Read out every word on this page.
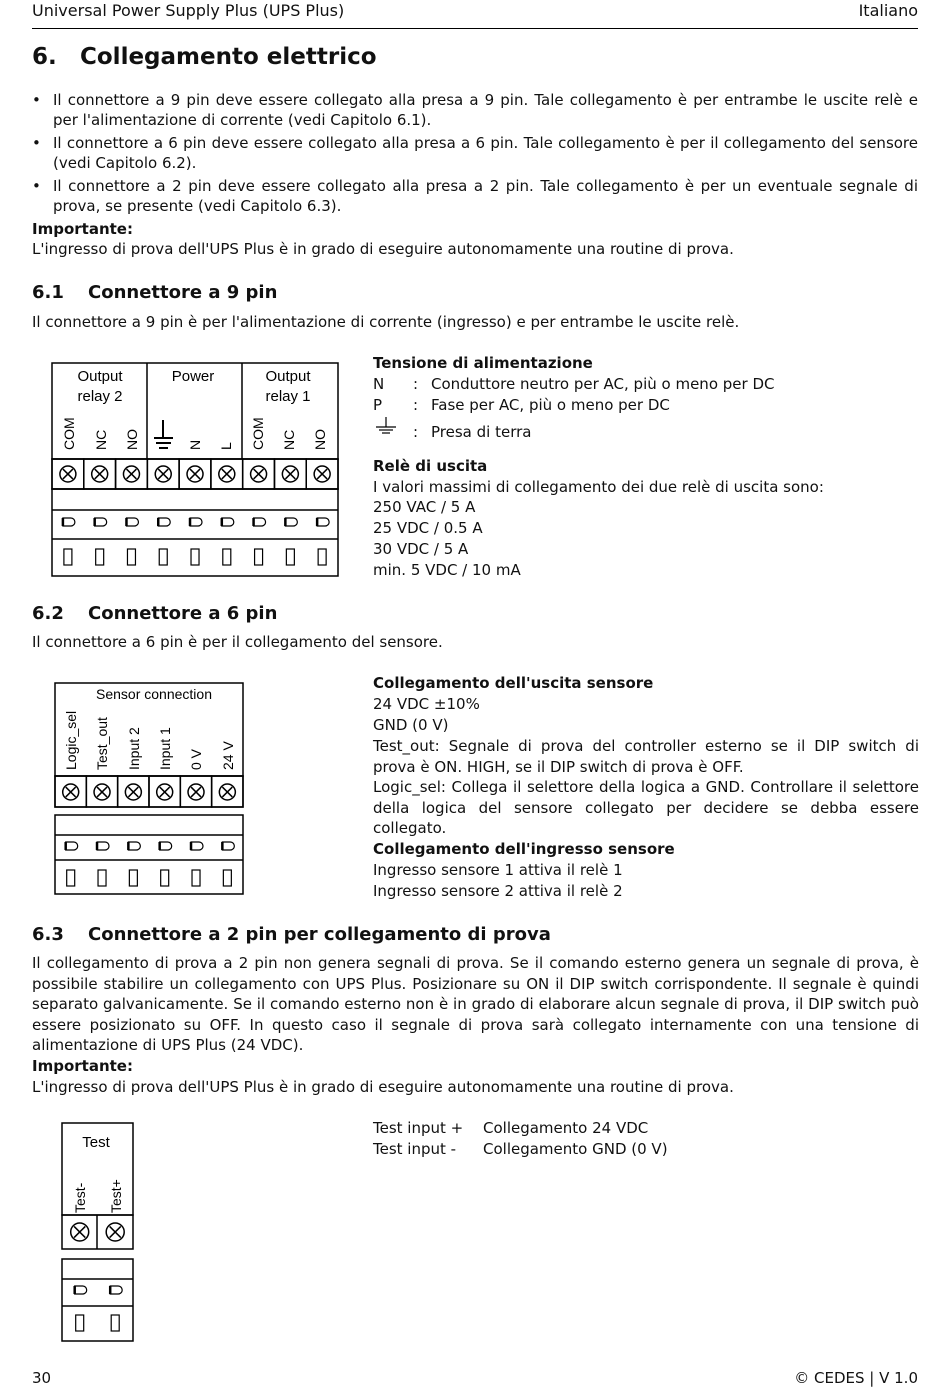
Universal Power Supply Plus (UPS Plus)	Italiano
6. Collegamento elettrico
• Il connettore a 9 pin deve essere collegato alla presa a 9 pin. Tale collegamento è per entrambe le uscite relè e per l'alimentazione di corrente (vedi Capitolo 6.1).
• Il connettore a 6 pin deve essere collegato alla presa a 6 pin. Tale collegamento è per il collegamento del sensore (vedi Capitolo 6.2).
• Il connettore a 2 pin deve essere collegato alla presa a 2 pin. Tale collegamento è per un eventuale segnale di prova, se presente (vedi Capitolo 6.3).
Importante:
L'ingresso di prova dell'UPS Plus è in grado di eseguire autonomamente una routine di prova.
6.1 Connettore a 9 pin
Il connettore a 9 pin è per l'alimentazione di corrente (ingresso) e per entrambe le uscite relè.
Output
relay 2
Power	Output
relay 1
COM NC NO	N L COM NC NO
Tensione di alimentazione
N : Conduttore neutro per AC, più o meno per DC
P : Fase per AC, più o meno per DC
: Presa di terra
Relè di uscita
I valori massimi di collegamento dei due relè di uscita sono:
250 VAC / 5 A
25 VDC / 0.5 A
30 VDC / 5 A
min. 5 VDC / 10 mA
6.2 Connettore a 6 pin
Il connettore a 6 pin è per il collegamento del sensore.
Sensor connection
Logic_sel Test_out Input 2 Input 1 0 V 24 V
Collegamento dell'uscita sensore
24 VDC ±10%
GND (0 V)
Test_out: Segnale di prova del controller esterno se il DIP switch di prova è ON. HIGH, se il DIP switch di prova è OFF.
Logic_sel: Collega il selettore della logica a GND. Controllare il selettore della logica del sensore collegato per decidere se debba essere collegato.
Collegamento dell'ingresso sensore
Ingresso sensore 1 attiva il relè 1
Ingresso sensore 2 attiva il relè 2
6.3 Connettore a 2 pin per collegamento di prova
Il collegamento di prova a 2 pin non genera segnali di prova. Se il comando esterno genera un segnale di prova, è possibile stabilire un collegamento con UPS Plus. Posizionare su ON il DIP switch corrispondente. Il segnale è quindi separato galvanicamente. Se il comando esterno non è in grado di elaborare alcun segnale di prova, il DIP switch può essere posizionato su OFF. In questo caso il segnale di prova sarà collegato internamente con una tensione di alimentazione di UPS Plus (24 VDC).
Importante:
L'ingresso di prova dell'UPS Plus è in grado di eseguire autonomamente una routine di prova.
Test
Test- Test+
Test input + Collegamento 24 VDC
Test input - Collegamento GND (0 V)
30	© CEDES | V 1.0
